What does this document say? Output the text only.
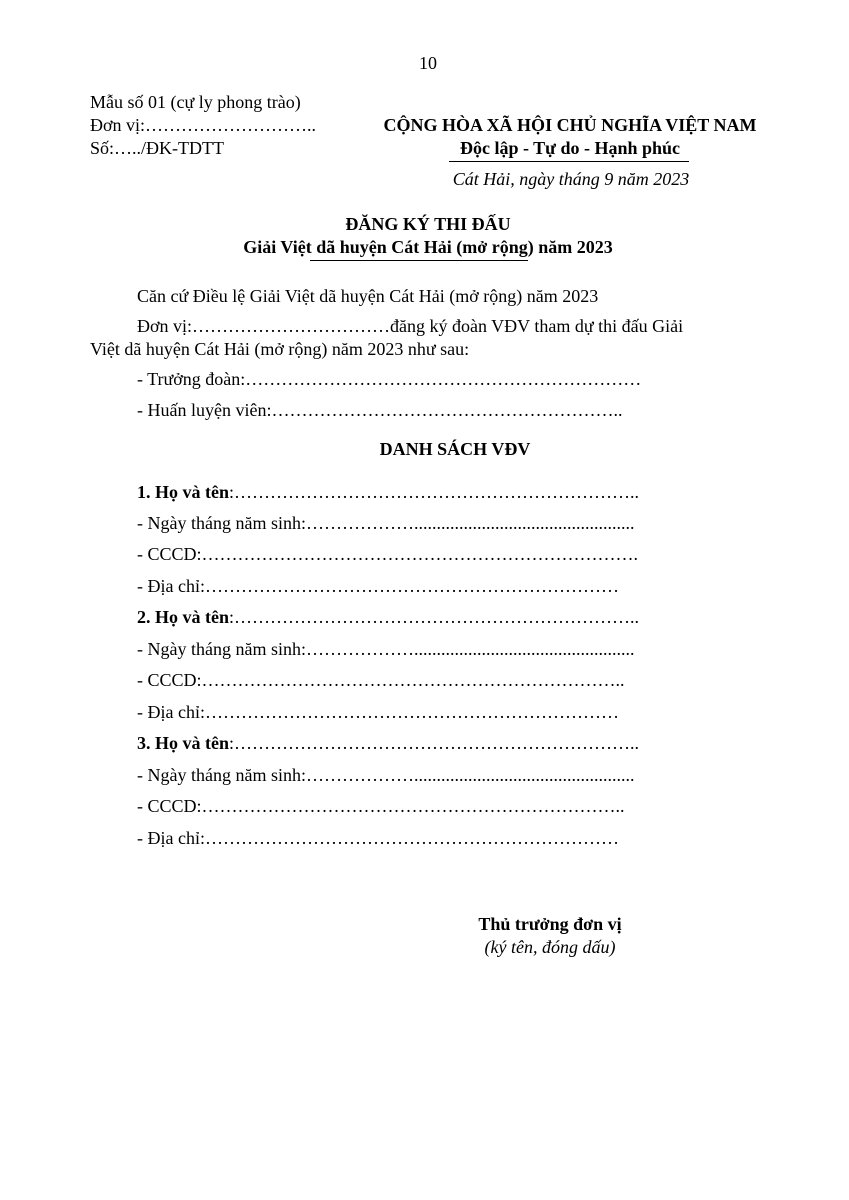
10
Mẫu số 01 (cự ly phong trào)
Đơn vị:………………………..
Số:…../ĐK-TDTT
CỘNG HÒA XÃ HỘI CHỦ NGHĨA VIỆT NAM
Độc lập - Tự do - Hạnh phúc
Cát Hải, ngày tháng 9 năm 2023
ĐĂNG KÝ THI ĐẤU
Giải Việt dã huyện Cát Hải (mở rộng) năm 2023
Căn cứ Điều lệ Giải Việt dã huyện Cát Hải (mở rộng) năm 2023
Đơn vị:……………………………đăng ký đoàn VĐV tham dự thi đấu Giải
Việt dã huyện Cát Hải (mở rộng) năm 2023 như sau:
- Trưởng đoàn:…………………………………………………………
- Huấn luyện viên:…………………………………………………..
DANH SÁCH VĐV
1. Họ và tên:…………………………………………………………..
- Ngày tháng năm sinh:……………….................................................
- CCCD:……………………………………………………………….
- Địa chỉ:……………………………………………………………
2. Họ và tên:…………………………………………………………..
- Ngày tháng năm sinh:……………….................................................
- CCCD:……………………………………………………………..
- Địa chỉ:……………………………………………………………
3. Họ và tên:…………………………………………………………..
- Ngày tháng năm sinh:……………….................................................
- CCCD:……………………………………………………………..
- Địa chỉ:……………………………………………………………
Thủ trưởng đơn vị
(ký tên, đóng dấu)
